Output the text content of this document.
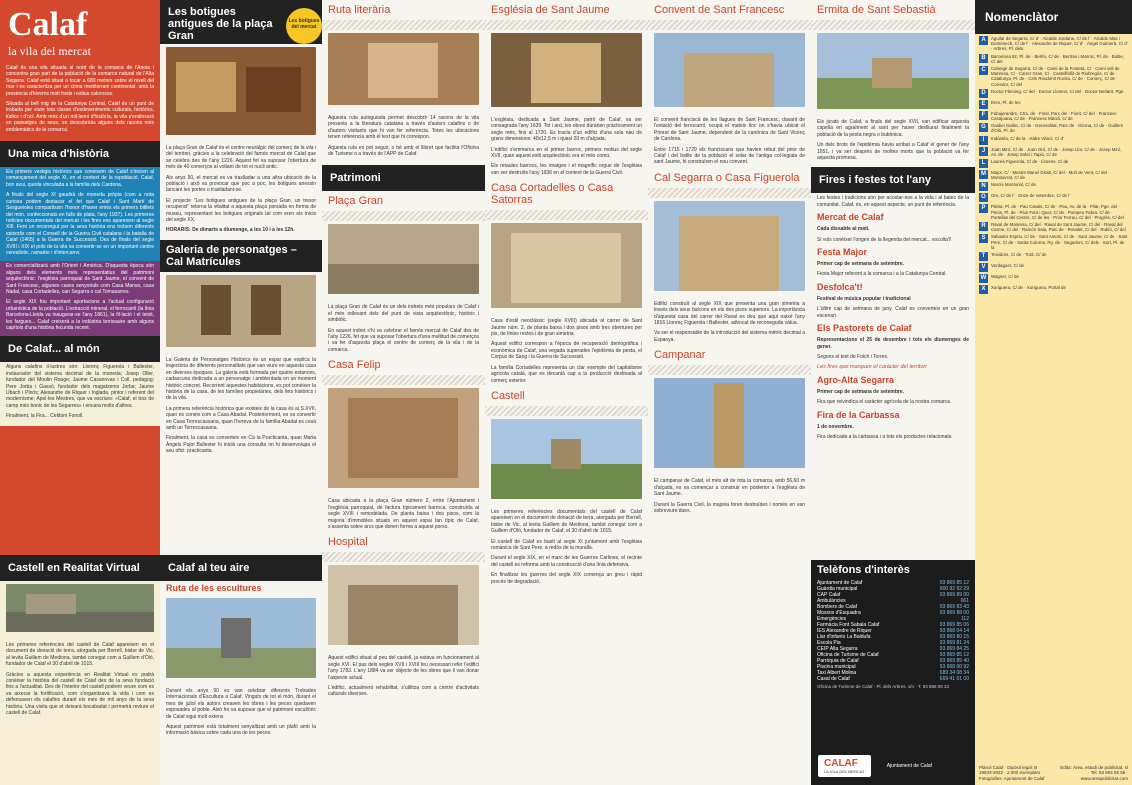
Calaf
la vila del mercat
Calaf és una vila situada al nord de la comarca de l'Anoia i concentra gran part de la població de la comarca natural de l'Alta Segarra. Calaf està situat a tocar a 680 metres sobre el nivell del mar i es caracteritza per un clima mediterrani continental, amb la presència d'hiverns molt freds i estius calorosos.
Situada al bell mig de la Catalunya Central, Calaf és un punt de trobada per viure tota classe d'esdeveniments culturals, històrics, lúdics i d'oci. Amb més d'un mil·lenni d'història, la vila s'endinsarà en passatges de seus, on descobriràs alguns dels racons més emblemàtics de la comarca.
Una mica d'història
Els primers vestigis històrics que coneixem de Calaf s'inicien al començament del segle XI, en el context de la repoblació. Calaf, bon avui, queda vinculada a la família dels Cardona.
A finals del segle XI gaudirà de moneda pròpia (com a nota curiosa podem destacar el fet que Calaf i Sant Martí de Sesgueioles compartissin l'honor d'haver emès els primers bitllets del món, confeccionats en fulls de plata, l'any 1937). Les primeres notícies documentals del mercat i les fires ens apareixen al segle XIII. Fent un recorregut per la seva història ens trobem diferents episodis com el Consell de la Guerra Civil catalana i la batalla de Calaf (1465) a la Guerra de Successió. Des de finals del segle XVIII i XIX el pols de la vila va convertir-se en un important centre cerealístic, ramader i d'intercanvi.
Es comercialitzarà amb l'Orient i Amèrica. D'aquesta època són alguns dels elements més representatius del patrimoni arquitectònic: l'església parroquial de Sant Jaume, el convent de Sant Francesc, algunes cases senyorials com Casa Manso, casa Nadal, casa Cortadelles, can Segarra o cal Tomasarres.
El segle XIX fou important aportacions a l'actual configuració urbanística de la població. L'extracció mineral, el ferrocarril (la línia Barcelona-Lleida va inaugurar-se l'any 1861), la fil·lació i el teixit, les fargues... Calaf creixerà a la indústria terrissaire amb alguns capítols d'una història fecunda recent.
De Calaf... al món
Alguns calafins il·lustres són: Llorenç Figuerola i Ballester, instaurador del sistema decimal de la moneda; Josep Oller, fundador del Moulin Rouge; Jaume Casanovas i Coll, pedagog; Pere Jorba i Gassó, fundador dels magatzems Jorba; Jaume Ubach i Pinós; Alexandre de Riquer i Inglada, pintor i referent del modernisme; Apel·les Mestres, que va escriure: «Calaf, el tros de camp més bonic de les Segarres» i encara molts d'altres.
Finalment, la Fira... Celdoni Fonoll.
Castell en Realitat Virtual
Les primeres referències del castell de Calaf apareixen en el document de donació de terra, atorgada per Borrell, bisbe de Vic, al levita Guillem de Mediona, també conegut com a Guillem d'Oló, fundador de Calaf el 30 d'abril de 1015.
Gràcies a aquesta experiència en Realitat Virtual es podrà conèixer la història del castell de Calaf des de la seva fundació fins a l'actualitat. Des de l'interior del castell podrem veure com es va aixecar la fortificació, com s'organitzava la vida i com es defensaven els calafins durant els més de mil anys de la seva història. Una visita que et deixarà bocabadat i permetrà reviure el castell de Calaf.
Les botigues antigues de la plaça Gran
La plaça Gran de Calaf és el centre neuràlgic del comerç de la vila i del territori, gràcies a la celebració del famós mercat de Calaf que se celebra des de l'any 1226. Aquest fet va suposar l'obertura de més de 40 comerços al voltant de tot el nucli antic.
Als anys 50, el mercat es va traslladar a una altra ubicació de la població i això va provocar que poc a poc, les botigues anessin tancant les portes o traslladant-se.
El projecte "Les botigues antigues de la plaça Gran, un tresor recuperat" retorna la vitalitat a aquesta plaça porxada en forma de museu, representant les botigues originals tal com eren els inicis del segle XX.
HORARIS: De dimarts a diumenge, a les 10 i a les 12h.
Galeria de personatges – Cal Matrícules
La Galeria de Personatges Històrics és un espai que explica la trajectòria de diferents personalitats que van viure en aquesta casa en diverses èpoques. La galeria està formada per quatre estances, cadascuna dedicada a un personatge i ambientada en un moment històric concret. Recorrent aquestes habitacions, es pot conèixer la història de la casa, de les famílies propietàries, dels fets històrics i de la vila.
La primera referència històrica que existeix de la casa és al S.XVII, quan es coneix com a Casa Abadal. Posteriorment, es va convertir en Casa Torrescassana, quan l'hereva de la família Abadal es casà amb un Torrescassana.
Finalment, la casa es converteix en Ca la Practicanta, quan Maria Àngels Pujol Ballester hi inicià una consulta on hi desenvolupa el seu ofici: practicanta.
Les botigues del mercat
Calaf al teu aire
Ruta de les escultures
Durant els anys 90 es van celebrar diferents Trobades Internacionals d'Escultura a Calaf. Vinguts de tot el món, durant el mes de juliol els autors creaven les obres i les peces quedaven exposades al poble. Això ho va suposar que el patrimoni escultòric de Calaf sigui molt extens.
Aquest patrimoni està totalment senyalitzat amb un plafó amb la informació bàsica sobre cada una de les peces.
Ruta literària
Aquesta ruta autoguiada permet descobrir 14 racons de la vila presents a la literatura catalana a través d'autors calafins o de d'autors visitants que hi van fer referència. Totes les ubicacions tenen referència amb el text que hi correspon.
Aquesta ruta es pot seguir, o bé amb el llibret que facilita l'Oficina de Turisme o a través de l'APP de Calaf.
Patrimoni
Plaça Gran
La plaça Gran de Calaf és un dels indrets més populars de Calaf i el més rellevant dels del punt de vista arquitectònic, històric i simbòlic.
En aquest indret s'hi va celebrar el famós mercat de Calaf des de l'any 1226, fet que va suposar l'obertura d'una multitud de comerços i va fer d'aquesta plaça el centre de comerç de la vila i de la comarca.
Casa Felip
Casa ubicada a la plaça Gran número 2, entre l'Ajuntament i l'església parroquial, de factura típicament barroca, construïda al segle XVIII i remodelada. De planta baixa i dos pisos, com la majoria d'immobles situats en aquest espai tan típic de Calaf, s'assenta sobre arcs que donen forma a aquest porxo.
Hospital
Aquest edifici situat al peu del castell, ja estava en funcionament al segle XVI. El pas dels segles XVII i XVIII feu necessari refer l'edifici l'any 1783. L'any 1884 va ser objecte de les obres que li van donar l'aspecte actual.
L'edifici, actualment rehabilitat, s'utilitza com a centre d'activitats culturals diverses.
Església de Sant Jaume
L'església, dedicada a Sant Jaume, patró de Calaf, va ser consagrada l'any 1639. Tot i així, les obres durarien pràcticament un segle més, fins al 1720. Es tracta d'un edifici d'una sola nau de grans dimensions: 40x12,5 m i quasi 20 m d'alçada.
L'edifici s'emmarca en el primer barroc, primers motius del segle XVII, quan aquest estil arquitectònic era el més comú.
Els retaules barrocs, les imatges i el magnífic orgue de l'església van ser destruïts l'any 1936 en el context de la Guerra Civil.
Casa Cortadelles o Casa Satorras
Casa d'estil neoclàssic (segle XVIII) ubicada al carrer de Sant Jaume núm. 2, de planta baixa i dos pisos amb tres obertures per pis, de línies rectes i de gran simetria.
Aquest edifici correspon a l'època de recuperació demogràfica i econòmica de Calaf, una vegada superades l'epidèmia de pesta, el Corpus de Sang i la Guerra de Successió.
La família Cortadelles representa un clar exemple del capitalisme agrícola català, que es decantà cap a la producció destinada al comerç exterior.
Castell
Les primeres referències documentals del castell de Calaf apareixen en el document de donació de terra, atorgada per Borrell, bisbe de Vic, al levita Guillem de Mediona, també conegut com a Guillem d'Oló, fundador de Calaf, el 30 d'abril de 1015.
El castell de Calaf es basti al segle XI juntament amb l'església romànica de Sant Pere, a redós de la muralla.
Durant el segle XIX, en el marc de les Guerres Carlines, el recinte del castell es reforma amb la construcció d'una línia defensiva.
En finalitzar les guerres del segle XIX comença un greu i ràpid procés de degradació.
Convent de Sant Francesc
El convent franciscà de les Ilagues de Sant Francesc, davant de l'estació del ferrocarril, ocupà el mateix lloc on s'havia ubicat el Priorat de Sant Jaume, dependent de la canònica de Sant Vicenç de Cardona.
Entre 1715 i 1729 els franciscans que havien rebut del prior de Calaf i del batlle de la població el solar de l'antiga col·legiata de sant Jaume, hi construïren el nou convent.
Cal Segarra o Casa Figuerola
Edifici construït al segle XIX que presenta una gran simetria a través dels seus balcons en els dos pisos superiors. La importància d'aquesta casa del carrer del Raval es deu que aquí naixé l'any 1816 Llorenç Figuerola i Ballester, advocat de reconeguda vàlua.
Va ser el responsable de la introducció del sistema mètric decimal a Espanya.
Campanar
El campanar de Calaf, el més alt de tota la comarca, amb 56,60 m d'alçada, es va començar a construir en posterior a l'església de Sant Jaume.
Durant la Guerra Civil, la majoria foren destruïdes i només en van sobreviure dues.
Ermita de Sant Sebastià
Els jurats de Calaf, a finals del segle XVII, van edificar aquesta capella en agraïment al sant per haver deslliurat finalment la població de la pesta negra o bubònica.
Un dels brots de l'epidèmia havia arribat a Calaf el gener de l'any 1651, i va ser desprès de moltes morts que la població va fer aquesta promesa.
Fires i festes tot l'any
Les festes i tradicions són per acostar-nos a la vida i al batec de la comunitat. Calaf, és, en aquest aspecte, un punt de referència.
Mercat de Calaf
Cada dissabte al matí.
Si vols conèixer l'origen de la llegenda del mercat... escolta'l!
Festa Major
Primer cap de setmana de setembre.
Festa Major referent a la comarca i a la Catalunya Central.
Desfolca't!
Festival de música popular i tradicional
L'últim cap de setmana de juny. Calaf es converteix en un gran escenari.
Els Pastorets de Calaf
Representacions el 25 de desembre i tots els diumenges de gener.
Segons el text de Folch i Torres.
Les fires que marquen el caràcter del territori
Agro-Alta Segarra
Primer cap de setmana de setembre.
Fira que reivindica el caràcter agrícola de la nostra comarca.
Fira de la Carbassa
1 de novembre.
Fira dedicada a la carbassa i a tots els productes relacionats.
Telèfons d'interès
Ajuntament de Calaf	93 869 85 12
Guàrdia municipal	900 92 92 29
CAP Calaf	93 869 89 00
Ambulàncies	061
Bombers de Calaf	93 869 83 43
Mossos d'Esquadra	93 869 88 00
Emergències	112
Farmàcia Font Sabala Calaf	93 869 85 06
IES Alexandre de Riquer	93 868 04 14
Llar d'infants La Baldufa	93 869 80 15
Escola Pia	93 869 81 24
CEIP Alta Segarra	93 869 84 25
Oficina de Turisme de Calaf	93 869 85 12
Parròquia de Calaf	93 869 85 40
Piscina municipal	93 868 00 92
Taxi Albert Molina	689 34 08 34
Casal de Calaf	669 41 01 00
Oficina de Turisme de Calaf · Pl. dels Arbres, s/n · T. 93 868 08 33
CALAF
LA VILA DEL MERCAT
Ajuntament de Calaf
Nomenclàtor
A	Aguilar de Segarra, C/ d' · Alcalde Jordana, C/ de l' · Alcalde Mas i Domènech, C/ de l' · Alexandre de Riquer, C/ d' · Àngel Guimerà, C/ d' · Arbres, Pl. dels
B	Barcelona 92, Pl. de · Berlín, C/ de · Bertran i Marroc, Pl. de · Bisbe, C/ del
C	Calonge de Segarra, C/ de · Camí de la Fonteta, C/ · Camí vell de Manresa, C/ · Carrer Gran, C/ · Castellfollit de Riubregós, C/ de · Catalunya, Pl. de · Cels Roudonit Rovira, C/ de · Comerç, C/ de · Corredor, C/ del
D	Doctor Fleming, C/ del · Doctor Llorens, C/ del · Doctor Berlant, Pge.
E	Eres, Pl. de les
F	Fabajerandre, Ctra. de · Final, Parc del · Fiorit, C/ del · Francesc Casajoana, C/ de · Francesc Macià, C/ de
G	Gaidiei Gallec, C/ de · Generalitat, Parc de · Girona, C/ de · Guillem d'Oló, Pl. de
I	Indústria, C/ de la · Isidre Vilaró, C/ d'
J	Joan Miró, C/ de · Joan Oró, C/ de · Josep Llor, C/ de · Josep Miró, Av. de · Josep Soler i Tapió, C/ de
L	Laureà Figuerola, C/ de · Llorens, C/ de
M	Major, C/ · Mestre Manel Giralt, C/ del · Molí de Vent, C/ del · Montserrat, C/ de
N	Narcís Monturiol, C/ de
O	Om, C/ de l' · Onze de setembre, C/ de l'
P	Pàtria, Pl. de · Pau Casals, C/ de · Pau, Av. de la · Pilar, Pge. del · Pinós, Pl. de · Pius Font i Quer, C/ de · Pompeu Fabra, C/ de · Portellas del Centre, C/ de les · Prior Ferrau, C/ del · Progrés, C/ del
R	Raval de Manresa, C/ del · Raval de Sant Jaume, C/ del · Raval del Carme, C/ del · Ramón Sala, Parc de · Rovalet, C/ del · Rubió, C/ del
S	Salvador Espriu, C/ de · Sant Antoni, C/ de · Sant Jaume, C/ de · Sant Pere, C/ de · Santa Coloma, Pg. de · Segadors, C/ dels · Sort, Pl. de la
T	Teixidors, C/ de · Torà, C/ de
V	Verdaguer, C/ de
W	Wagner, C/ de
X	Xuriguera, C/ de · Xuriguera, Portal de
Plànol Calaf · Dipòsit legal: B 19533-2022 · 2.000 exemplars · Fotografies: Ajuntament de Calaf
Edita: Àrea, estudi de publicitat, sl · Tel. 93 804 55 56 · www.areapublicitat.com
